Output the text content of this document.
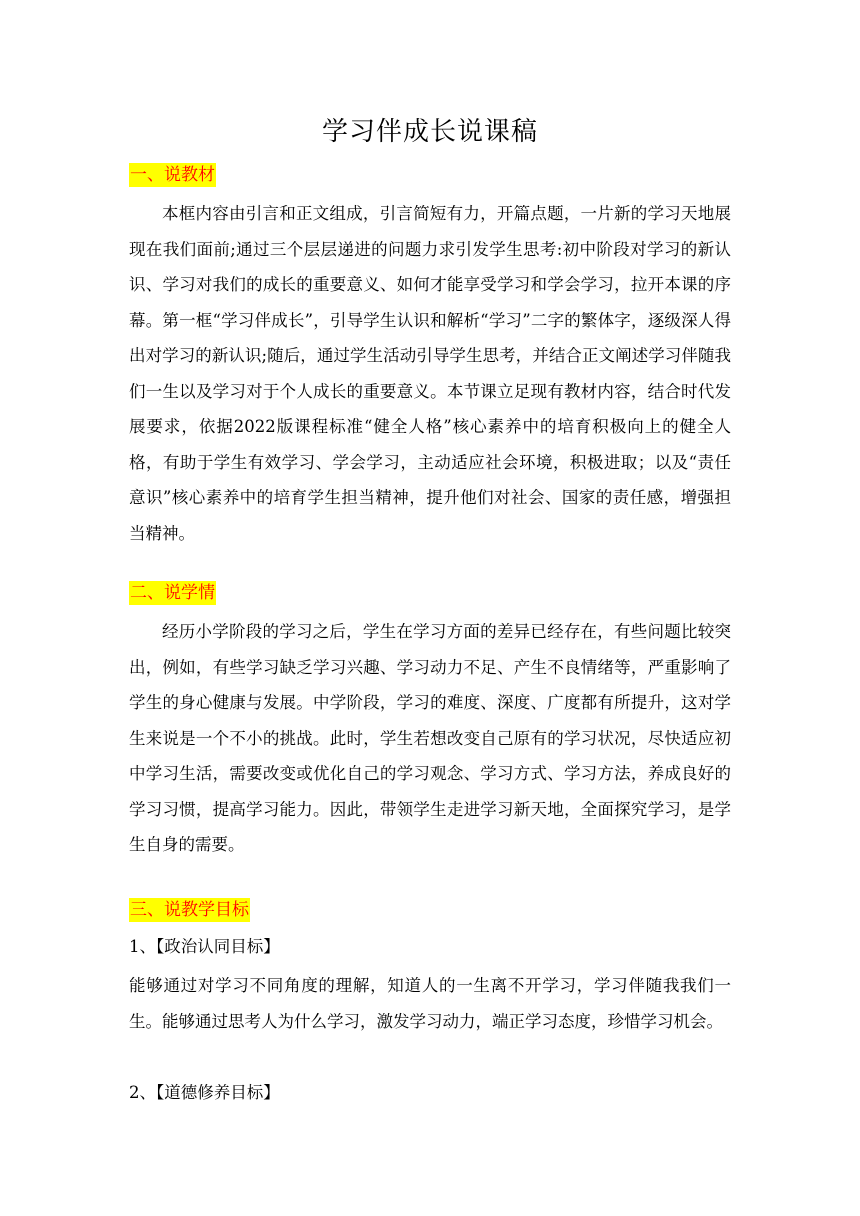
学习伴成长说课稿
一、说教材

本框内容由引言和正文组成，引言简短有力，开篇点题，一片新的学习天地展现在我们面前;通过三个层层递进的问题力求引发学生思考:初中阶段对学习的新认识、学习对我们的成长的重要意义、如何才能享受学习和学会学习，拉开本课的序幕。第一框“学习伴成长”，引导学生认识和解析“学习”二字的繁体字，逐级深人得出对学习的新认识;随后，通过学生活动引导学生思考，并结合正文阐述学习伴随我们一生以及学习对于个人成长的重要意义。本节课立足现有教材内容，结合时代发展要求，依据2022版课程标准“健全人格”核心素养中的培育积极向上的健全人格，有助于学生有效学习、学会学习，主动适应社会环境，积极进取；以及“责任意识”核心素养中的培育学生担当精神，提升他们对社会、国家的责任感，增强担当精神。

二、说学情

经历小学阶段的学习之后，学生在学习方面的差异已经存在，有些问题比较突出，例如，有些学习缺乏学习兴趣、学习动力不足、产生不良情绪等，严重影响了学生的身心健康与发展。中学阶段，学习的难度、深度、广度都有所提升，这对学生来说是一个不小的挑战。此时，学生若想改变自己原有的学习状况，尽快适应初中学习生活，需要改变或优化自己的学习观念、学习方式、学习方法，养成良好的学习习惯，提高学习能力。因此，带领学生走进学习新天地，全面探究学习，是学生自身的需要。

三、说教学目标

1、【政治认同目标】

能够通过对学习不同角度的理解，知道人的一生离不开学习，学习伴随我我们一生。能够通过思考人为什么学习，激发学习动力，端正学习态度，珍惜学习机会。

2、【道德修养目标】
